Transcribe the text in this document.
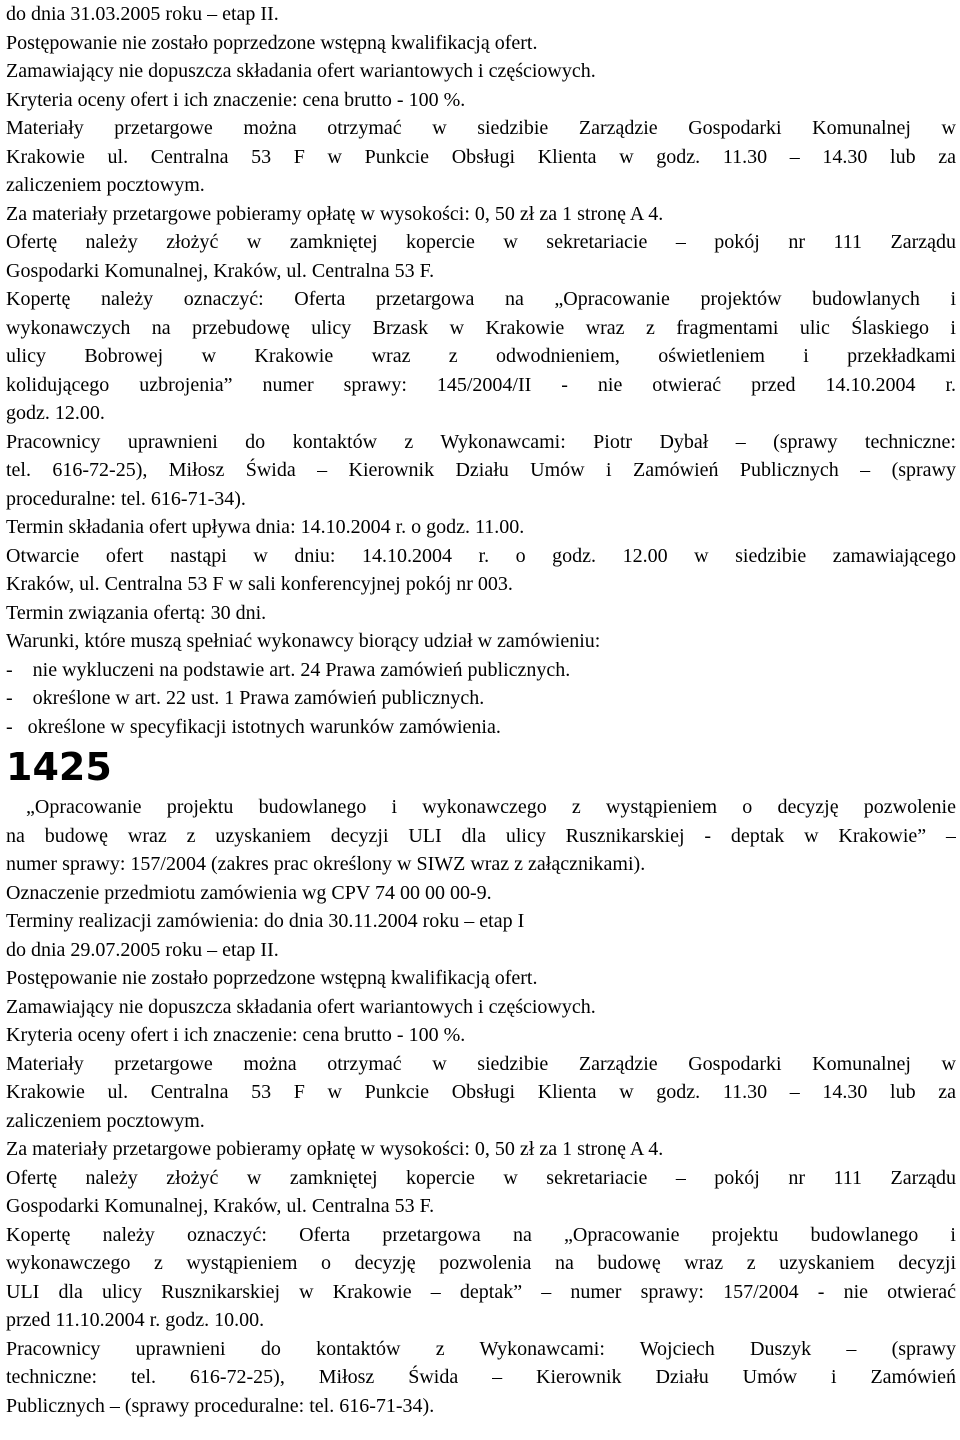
do dnia 31.03.2005 roku – etap II.
Postępowanie nie zostało poprzedzone wstępną kwalifikacją ofert.
Zamawiający nie dopuszcza składania ofert wariantowych i częściowych.
Kryteria oceny ofert i ich znaczenie: cena brutto - 100 %.
Materiały przetargowe można otrzymać w siedzibie Zarządzie Gospodarki Komunalnej w
Krakowie ul. Centralna 53 F w Punkcie Obsługi Klienta w godz. 11.30 – 14.30 lub za
zaliczeniem pocztowym.
Za materiały przetargowe pobieramy opłatę w wysokości: 0, 50 zł za 1 stronę A 4.
Ofertę należy złożyć w zamkniętej kopercie w sekretariacie – pokój nr 111 Zarządu
Gospodarki Komunalnej, Kraków, ul. Centralna 53 F.
Kopertę należy oznaczyć: Oferta przetargowa na „Opracowanie projektów budowlanych i
wykonawczych na przebudowę ulicy Brzask w Krakowie wraz z fragmentami ulic Ślaskiego i
ulicy Bobrowej w Krakowie wraz z odwodnieniem, oświetleniem i przekładkami
kolidującego uzbrojenia” numer sprawy: 145/2004/II - nie otwierać przed 14.10.2004 r.
godz. 12.00.
Pracownicy uprawnieni do kontaktów z Wykonawcami: Piotr Dybał – (sprawy techniczne:
tel. 616-72-25), Miłosz Świda – Kierownik Działu Umów i Zamówień Publicznych – (sprawy
proceduralne: tel. 616-71-34).
Termin składania ofert upływa dnia: 14.10.2004 r. o godz. 11.00.
Otwarcie ofert nastąpi w dniu: 14.10.2004 r. o godz. 12.00 w siedzibie zamawiającego
Kraków, ul. Centralna 53 F w sali konferencyjnej pokój nr 003.
Termin związania ofertą: 30 dni.
Warunki, które muszą spełniać wykonawcy biorący udział w zamówieniu:
-    nie wykluczeni na podstawie art. 24 Prawa zamówień publicznych.
-    określone w art. 22 ust. 1 Prawa zamówień publicznych.
-   określone w specyfikacji istotnych warunków zamówienia.
1425
„Opracowanie projektu budowlanego i wykonawczego z wystąpieniem o decyzję pozwolenie
na budowę wraz z uzyskaniem decyzji ULI dla ulicy Rusznikarskiej - deptak w Krakowie” –
numer sprawy: 157/2004 (zakres prac określony w SIWZ wraz z załącznikami).
Oznaczenie przedmiotu zamówienia wg CPV 74 00 00 00-9.
Terminy realizacji zamówienia: do dnia 30.11.2004 roku – etap I
do dnia 29.07.2005 roku – etap II.
Postępowanie nie zostało poprzedzone wstępną kwalifikacją ofert.
Zamawiający nie dopuszcza składania ofert wariantowych i częściowych.
Kryteria oceny ofert i ich znaczenie: cena brutto - 100 %.
Materiały przetargowe można otrzymać w siedzibie Zarządzie Gospodarki Komunalnej w
Krakowie ul. Centralna 53 F w Punkcie Obsługi Klienta w godz. 11.30 – 14.30 lub za
zaliczeniem pocztowym.
Za materiały przetargowe pobieramy opłatę w wysokości: 0, 50 zł za 1 stronę A 4.
Ofertę należy złożyć w zamkniętej kopercie w sekretariacie – pokój nr 111 Zarządu
Gospodarki Komunalnej, Kraków, ul. Centralna 53 F.
Kopertę należy oznaczyć: Oferta przetargowa na „Opracowanie projektu budowlanego i
wykonawczego z wystąpieniem o decyzję pozwolenia na budowę wraz z uzyskaniem decyzji
ULI dla ulicy Rusznikarskiej w Krakowie – deptak” – numer sprawy: 157/2004 - nie otwierać
przed 11.10.2004 r. godz. 10.00.
Pracownicy uprawnieni do kontaktów z Wykonawcami: Wojciech Duszyk – (sprawy
techniczne: tel. 616-72-25), Miłosz Świda – Kierownik Działu Umów i Zamówień
Publicznych – (sprawy proceduralne: tel. 616-71-34).
